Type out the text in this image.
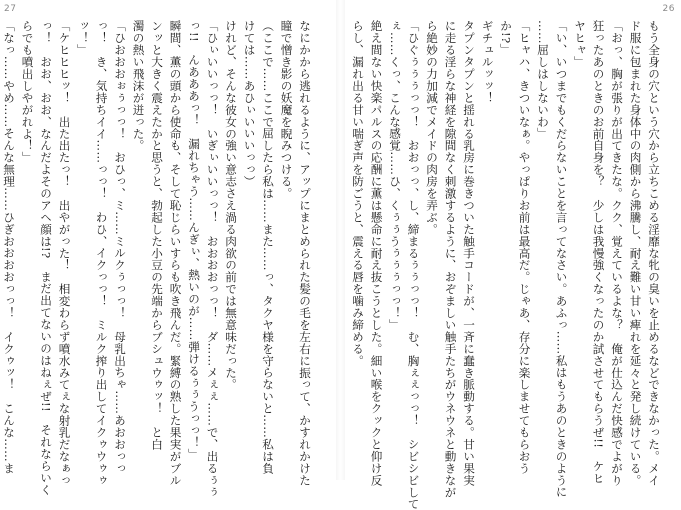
27
なにかから逃れるように、アップにまとめられた髪の毛を左右に振って、かすれかけた
瞳で憎き影の妖魔を睨みつける。
（ここで……ここで屈したら私は……また……っ、タクヤ様を守らないと……私は負
けては……あひぃいいいっっ）
けれど、そんな彼女の強い意志さえ渦る肉欲の前では無意味だった。
「ひぃいいっっ！　いぎぃいいっっ！　おおおおっっ！　ダ……メぇぇ……で、出るぅぅ
っ!!　んあああっ！　漏れちゃう……んぎぃ、熱いのが……弾けるぅぅうっっ！」
瞬間、薫の頭から使命も、そして恥じらいすらも吹き飛んだ。緊縛の熟した果実がブル
ンッと大きく震えたかと思うと、勃起した小豆の先端からブシュウゥッ！　と白
濁の熱い飛沫が迸った。
「ひおおおぉぅっっ！　おひっ、ミ……ミルクぅっっ！　母乳出ちゃ……あおおっっ
っ！　き、気持ちイイ……っっ！　わひ、イクっっ！　ミルク搾り出してイクゥウゥゥ
ッ！」
「ケヒヒヒッ！　出た出たっ！　出やがった！　相変わらず噴水みてぇな射乳だなぁっ
っ！　おお、おお、なんだよそのアヘ顔は!?　まだ出てないのはねぇぜ!!　それならいく
らでも噴出しやがれよ！」
「なっ……やめ……そんな無理……ひぎおおおおっっ！　イクゥッ！　こんな……ま
26
もう全身の穴という穴から立ちこめる淫靡な牝の臭いを止めるなどできなかった。メイ
ド服に包まれた身体中の肉側から沸騰し、耐え難い甘い痺れを延々と発し続けている。
「おっ、胸が張りが出てきたな。クク、覚えているよな？　俺が仕込んだ快感でよがり
狂ったあのときのお前自身を？　少しは我慢強くなったのか試させてもらうぜ!!　ケヒ
ヤヒャ」
「い、いつまでもくだらないことを言ってなさい。あふっ……私はもうあのときのように
……屈しはしないわ」
「ヒャハ、きついなぁ。やっぱりお前は最高だ。じゃあ、存分に楽しませてもらおう
か!?」
ギチュルッッ！
タプンタプンと揺れる乳房に巻きついた触手コードが、一斉に蠢き脈動する。甘い果実
に走る淫らな神経を隙間なく刺激するように、おぞましい触手たちがウネウネと動きなが
ら絶妙の力加減でメイドの肉房を弄ぶ。
「ひぐぅぅぅっっ！　おおっっ、し、締まるぅぅっっ！　む、胸ぇぇっっ！　シビシビして
ぇ……くっ、こんな感覚……ひ、くぅぅうぅぅぅっっ！」
絶え間ない快楽パルスの応酬に薫は懸命に耐え抜こうとした。細い喉をクックと仰け反
らし、漏れ出る甘い喘ぎ声を防ごうと、震える唇を噛み締める。
